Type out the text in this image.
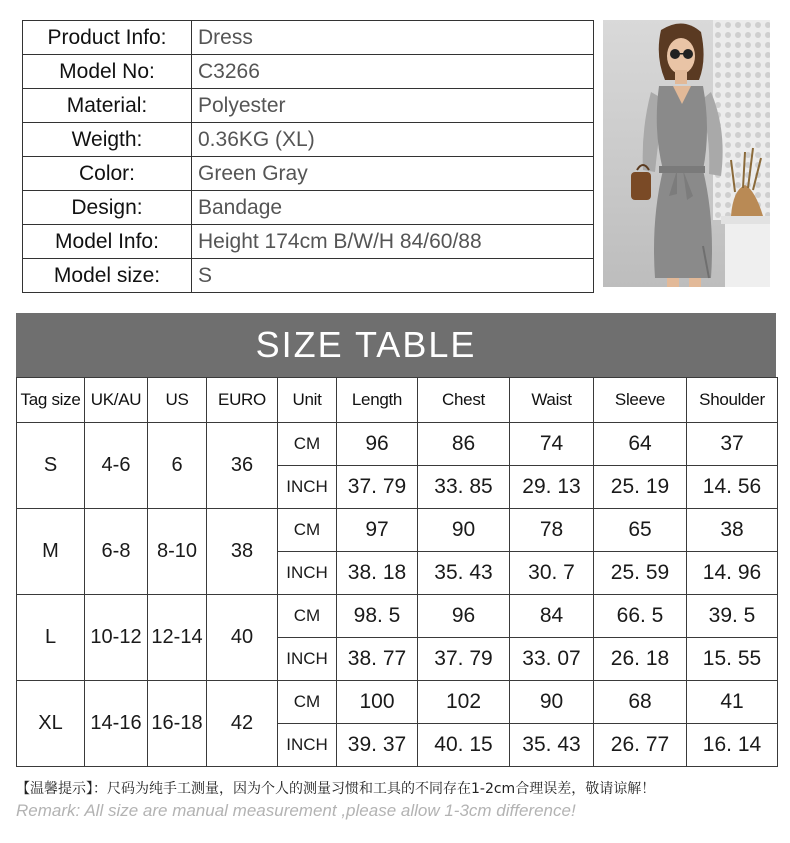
Product Info:	Dress
Model No:	C3266
Material:	Polyester
Weigth:	0.36KG (XL)
Color:	Green Gray
Design:	Bandage
Model Info:	Height 174cm B/W/H 84/60/88
Model size:	S
SIZE TABLE
Tag size	UK/AU	US	EURO	Unit	Length	Chest	Waist	Sleeve	Shoulder
S	4-6	6	36	CM	96	86	74	64	37
				INCH	37. 79	33. 85	29. 13	25. 19	14. 56
M	6-8	8-10	38	CM	97	90	78	65	38
				INCH	38. 18	35. 43	30. 7	25. 59	14. 96
L	10-12	12-14	40	CM	98. 5	96	84	66. 5	39. 5
				INCH	38. 77	37. 79	33. 07	26. 18	15. 55
XL	14-16	16-18	42	CM	100	102	90	68	41
				INCH	39. 37	40. 15	35. 43	26. 77	16. 14
【温馨提示】：尺码为纯手工测量，因为个人的测量习惯和工具的不同存在1-2cm合理误差，敬请谅解！
Remark: All size are manual measurement ,please allow 1-3cm difference!
